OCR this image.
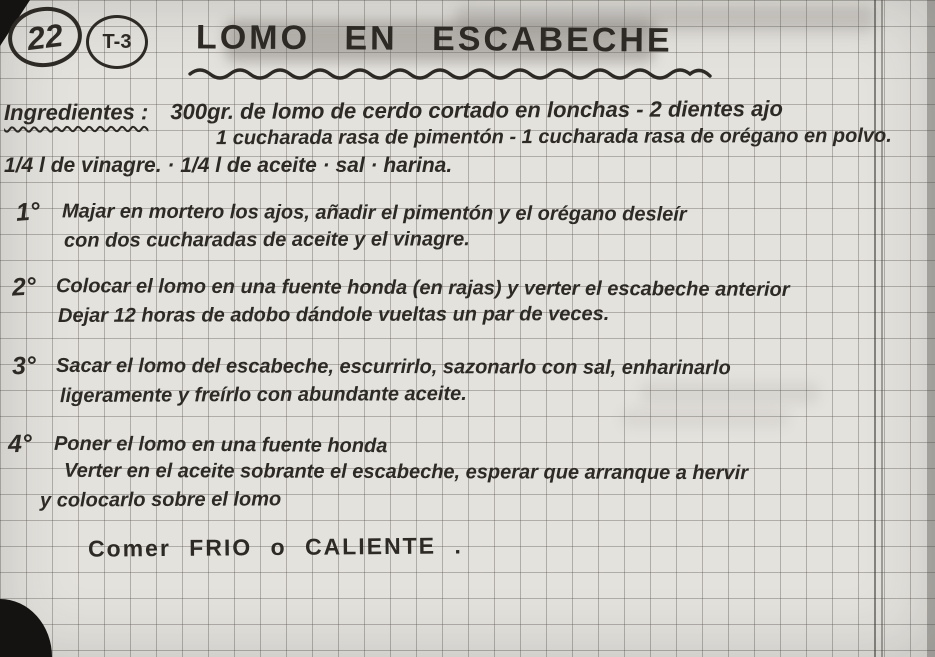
22 T-3 LOMO EN ESCABECHE
Ingredientes : 300gr. de lomo de cerdo cortado en lonchas - 2 dientes ajo
1 cucharada rasa de pimentón - 1 cucharada rasa de orégano en polvo.
1/4 l de vinagre. · 1/4 l de aceite · sal · harina.
1° Majar en mortero los ajos, añadir el pimentón y el orégano desleír
con dos cucharadas de aceite y el vinagre.
2° Colocar el lomo en una fuente honda (en rajas) y verter el escabeche anterior
Dejar 12 horas de adobo dándole vueltas un par de veces.
3° Sacar el lomo del escabeche, escurrirlo, sazonarlo con sal, enharinarlo
ligeramente y freírlo con abundante aceite.
4° Poner el lomo en una fuente honda
Verter en el aceite sobrante el escabeche, esperar que arranque a hervir
y colocarlo sobre el lomo
Comer FRIO o CALIENTE .
